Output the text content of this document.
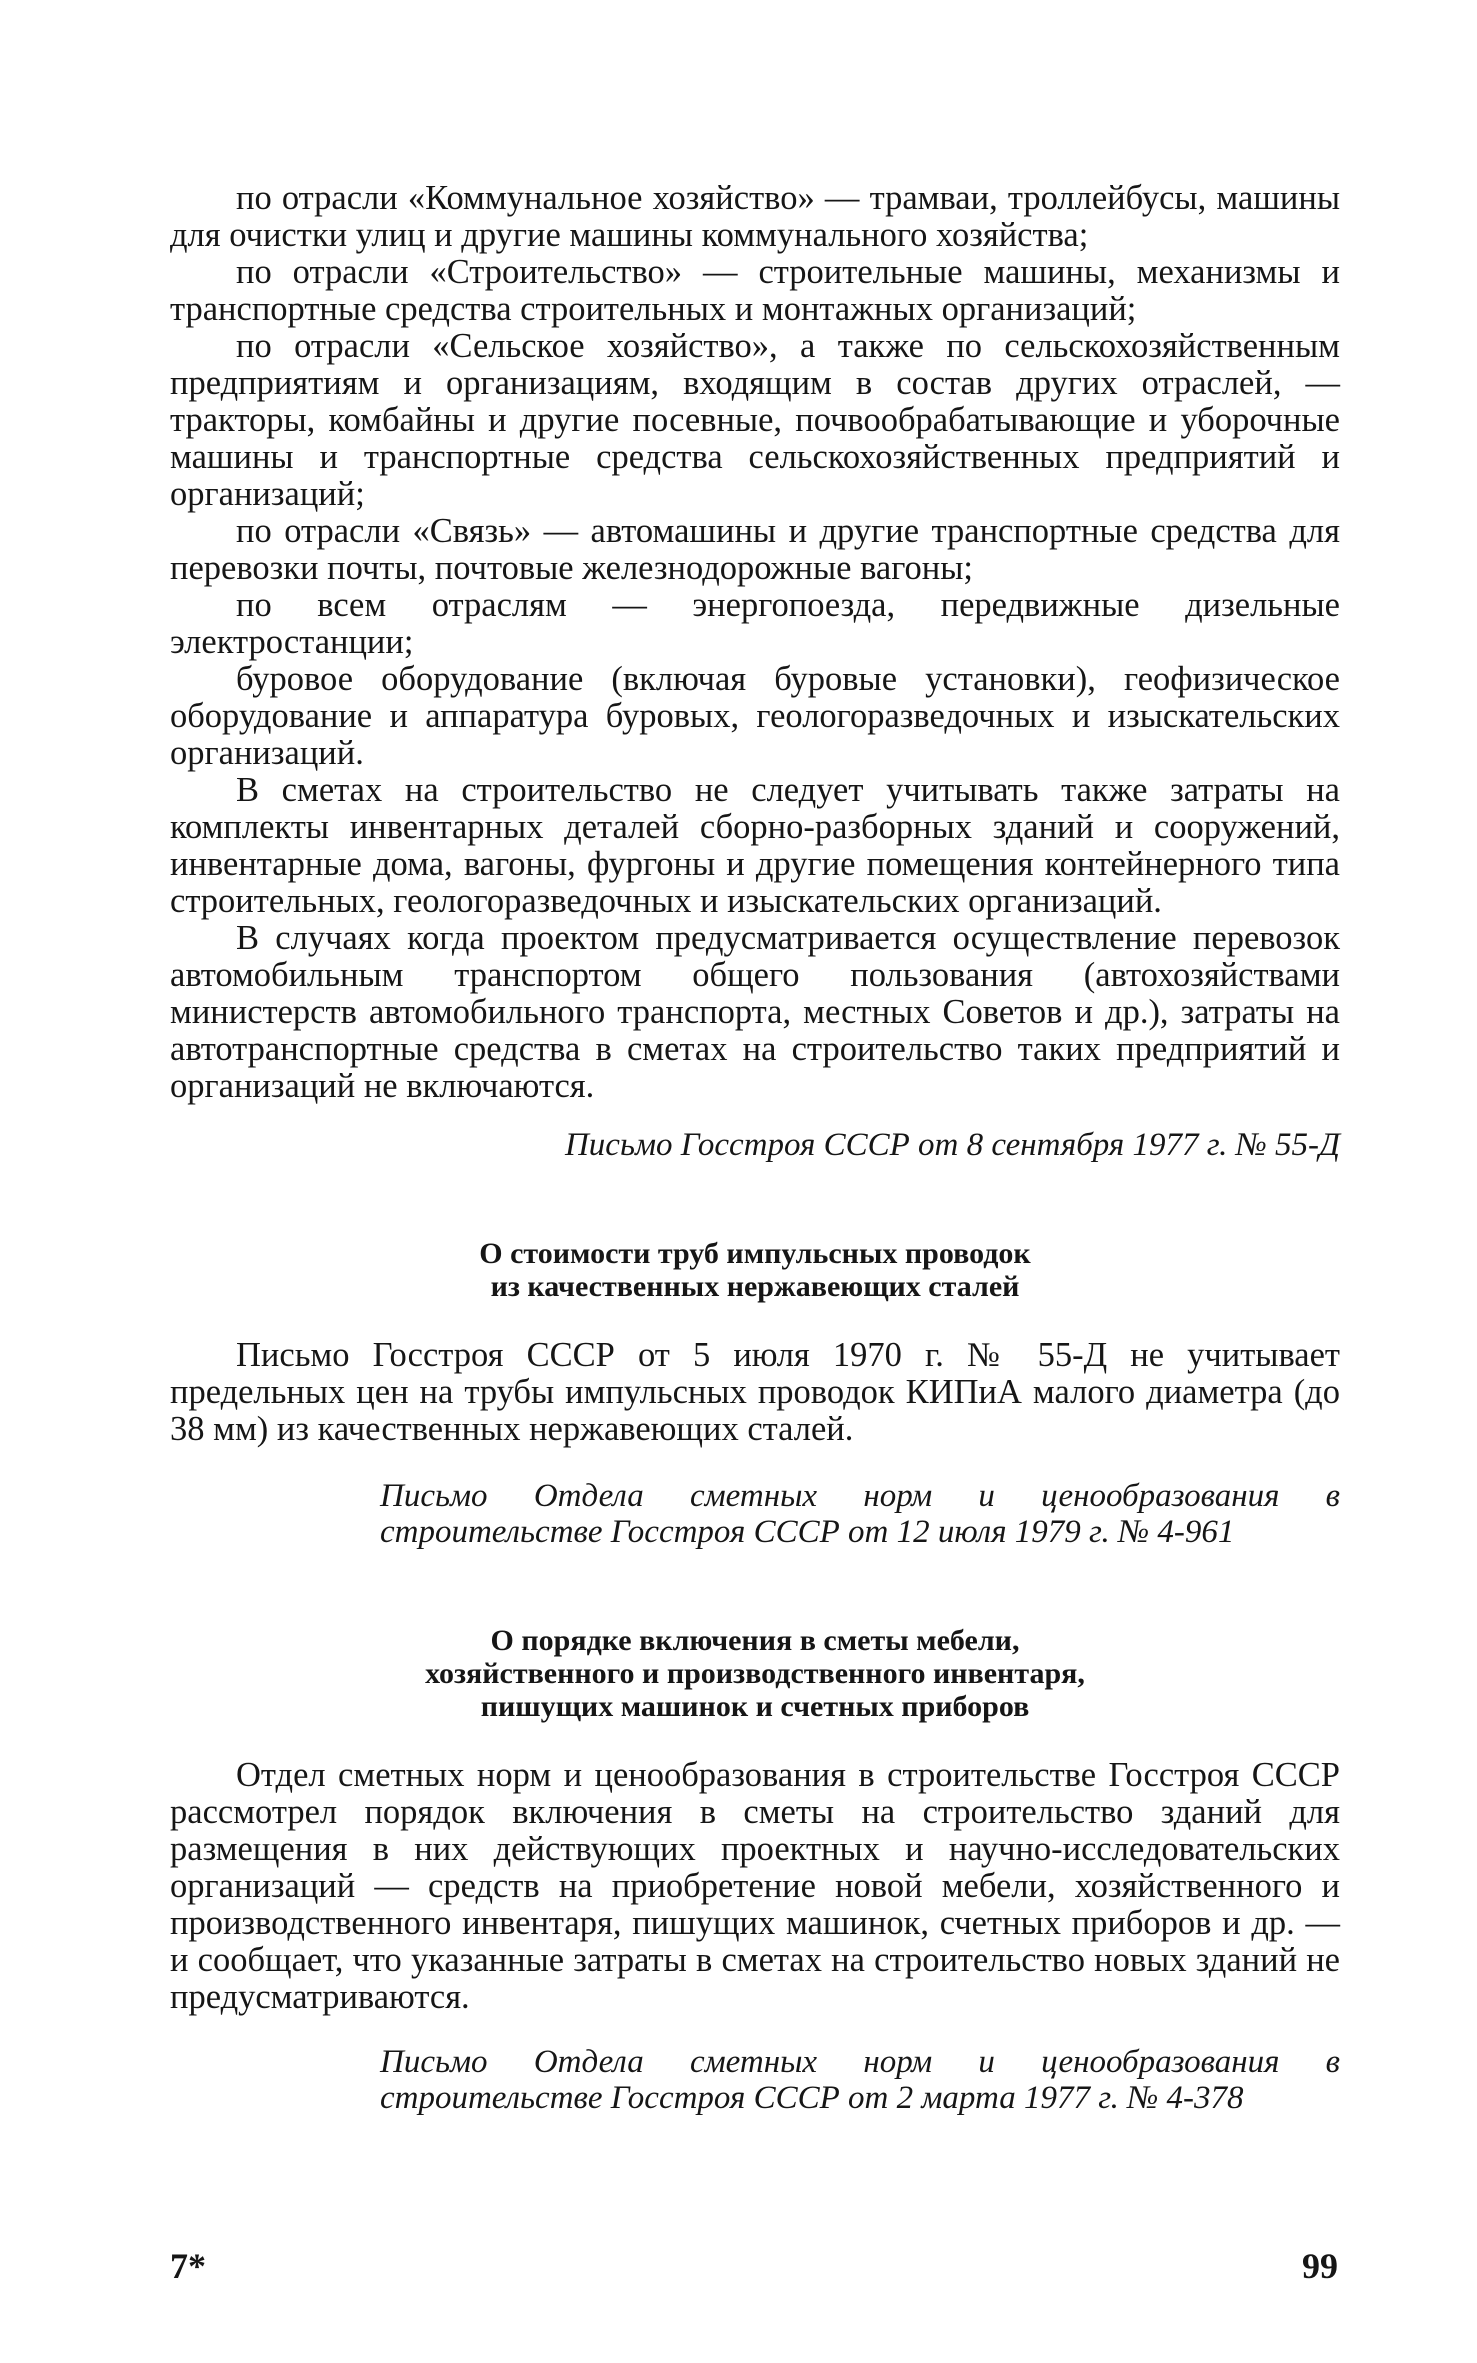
по отрасли «Коммунальное хозяйство» — трамваи, троллейбусы, машины для очистки улиц и другие машины коммунального хозяйства;

по отрасли «Строительство» — строительные машины, механизмы и транспортные средства строительных и монтажных организаций;

по отрасли «Сельское хозяйство», а также по сельскохозяйственным предприятиям и организациям, входящим в состав других отраслей, — тракторы, комбайны и другие посевные, почвообрабатывающие и уборочные машины и транспортные средства сельскохозяйственных предприятий и организаций;

по отрасли «Связь» — автомашины и другие транспортные средства для перевозки почты, почтовые железнодорожные вагоны;

по всем отраслям — энергопоезда, передвижные дизельные электростанции;

буровое оборудование (включая буровые установки), геофизическое оборудование и аппаратура буровых, геологоразведочных и изыскательских организаций.

В сметах на строительство не следует учитывать также затраты на комплекты инвентарных деталей сборно-разборных зданий и сооружений, инвентарные дома, вагоны, фургоны и другие помещения контейнерного типа строительных, геологоразведочных и изыскательских организаций.

В случаях когда проектом предусматривается осуществление перевозок автомобильным транспортом общего пользования (автохозяйствами министерств автомобильного транспорта, местных Советов и др.), затраты на автотранспортные средства в сметах на строительство таких предприятий и организаций не включаются.

Письмо Госстроя СССР от 8 сентября 1977 г. № 55-Д

О стоимости труб импульсных проводок

из качественных нержавеющих сталей

Письмо Госстроя СССР от 5 июля 1970 г. № 55-Д не учитывает предельных цен на трубы импульсных проводок КИПиА малого диаметра (до 38 мм) из качественных нержавеющих сталей.

Письмо Отдела сметных норм и ценообразования в строительстве Госстроя СССР от 12 июля 1979 г. № 4-961

О порядке включения в сметы мебели,

хозяйственного и производственного инвентаря,

пишущих машинок и счетных приборов

Отдел сметных норм и ценообразования в строительстве Госстроя СССР рассмотрел порядок включения в сметы на строительство зданий для размещения в них действующих проектных и научно-исследовательских организаций — средств на приобретение новой мебели, хозяйственного и производственного инвентаря, пишущих машинок, счетных приборов и др. — и сообщает, что указанные затраты в сметах на строительство новых зданий не предусматриваются.

Письмо Отдела сметных норм и ценообразования в строительстве Госстроя СССР от 2 марта 1977 г. № 4-378

7*	99
